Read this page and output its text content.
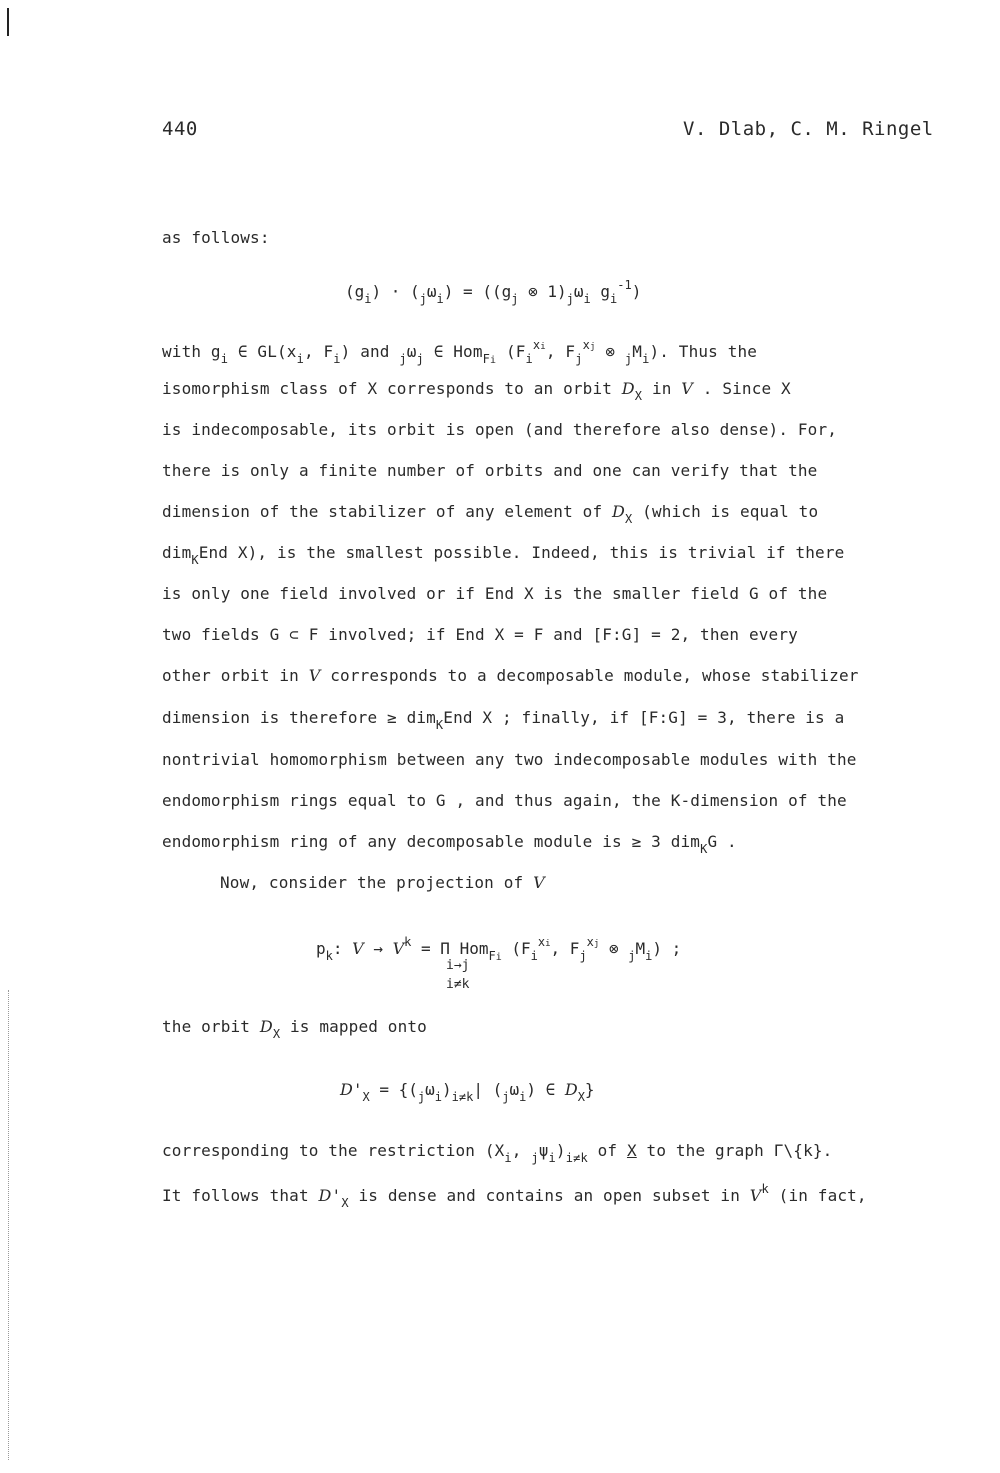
440	V. Dlab, C. M. Ringel
as follows:
$(g_i) \cdot (_j\omega_i) = ((g_j$ ⊗ $1)_j\omega_i$ $g_i^{-1}$)
with $g_i$ ∈ $GL(x_i$, $F_i$) and $_j\omega_j$ ∈ Hom$_{Fi}$ ($F_i^{xi}$, $F_j^{xj}$ ⊗ $_jM_i$). Thus the
isomorphism class of X corresponds to an orbit $D_X$ in V . Since X
is indecomposable, its orbit is open (and therefore also dense). For,
there is only a finite number of orbits and one can verify that the
dimension of the stabilizer of any element of $D_X$ (which is equal to
dim$_K$End X), is the smallest possible. Indeed, this is trivial if there
is only one field involved or if End X is the smaller field G of the
two fields G ⊂ F involved; if End X = F and [F:G] = 2, then every
other orbit in V corresponds to a decomposable module, whose stabilizer
dimension is therefore ≥ dim$_K$End X ; finally, if [F:G] = 3, there is a
nontrivial homomorphism between any two indecomposable modules with the
endomorphism rings equal to G , and thus again, the K-dimension of the
endomorphism ring of any decomposable module is ≥ 3 dim$_K$G .
Now, consider the projection of V
$p_k$: $V \to V^k = \Pi$ Hom$_{Fi}$ ($F_i^{xi}$, $F_j^{xj}$ ⊗ $_jM_i$) ;
i→j
i≠k
the orbit $D_X$ is mapped onto
$D'_X = \{(_j\omega_i)_{i\ne k}|$ $(_j\omega_i)$ ∈ $D_X$}
corresponding to the restriction ($X_i$, $_j\psi_i)_{i\ne k}$ of X to the graph Γ\{k}.
It follows that $D'_X$ is dense and contains an open subset in $V^k$ (in fact,
